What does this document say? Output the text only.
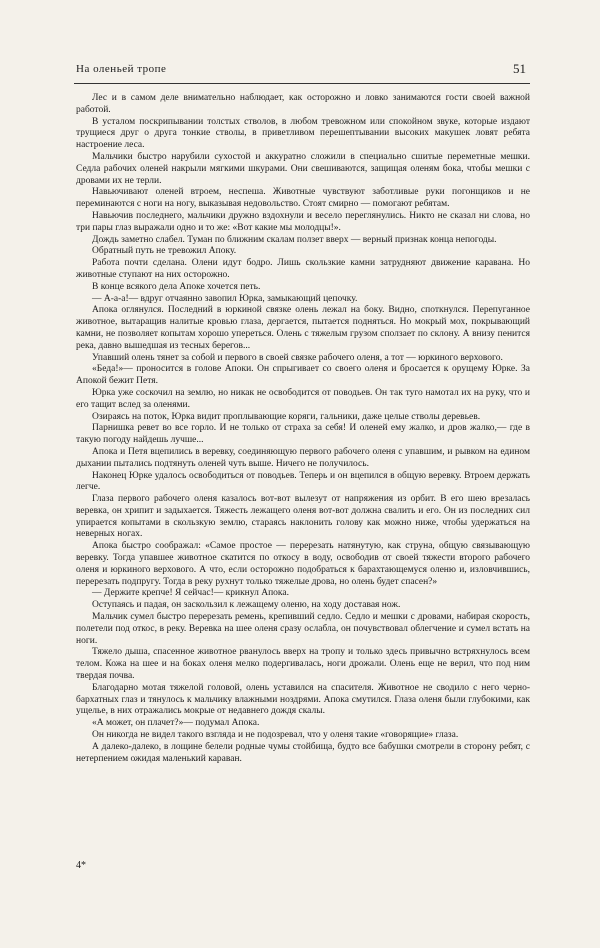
На оленьей тропе	51

Лес и в самом деле внимательно наблюдает, как осторожно и ловко занимаются гости своей важной работой.

В усталом поскрипывании толстых стволов, в любом тревожном или спокойном звуке, которые издают трущиеся друг о друга тонкие стволы, в приветливом перешептывании высоких макушек ловят ребята настроение леса.

Мальчики быстро нарубили сухостой и аккуратно сложили в специально сшитые переметные мешки. Седла рабочих оленей накрыли мягкими шкурами. Они свешиваются, защищая оленям бока, чтобы мешки с дровами их не терли.

Навьючивают оленей втроем, неспеша. Животные чувствуют заботливые руки погонщиков и не переминаются с ноги на ногу, выказывая недовольство. Стоят смирно — помогают ребятам.

Навьючив последнего, мальчики дружно вздохнули и весело переглянулись. Никто не сказал ни слова, но три пары глаз выражали одно и то же: «Вот какие мы молодцы!».

Дождь заметно слабел. Туман по ближним скалам ползет вверх — верный признак конца непогоды.

Обратный путь не тревожил Апоку.

Работа почти сделана. Олени идут бодро. Лишь скользкие камни затрудняют движение каравана. Но животные ступают на них осторожно.

В конце всякого дела Апоке хочется петь.

— А-а-а!— вдруг отчаянно завопил Юрка, замыкающий цепочку.

Апока оглянулся. Последний в юркиной связке олень лежал на боку. Видно, споткнулся. Перепуганное животное, вытаращив налитые кровью глаза, дергается, пытается подняться. Но мокрый мох, покрывающий камни, не позволяет копытам хорошо упереться. Олень с тяжелым грузом сползает по склону. А внизу пенится река, давно вышедшая из тесных берегов...

Упавший олень тянет за собой и первого в своей связке рабочего оленя, а тот — юркиного верхового.

«Беда!»— проносится в голове Апоки. Он спрыгивает со своего оленя и бросается к орущему Юрке. За Апокой бежит Петя.

Юрка уже соскочил на землю, но никак не освободится от поводьев. Он так туго намотал их на руку, что и его тащит вслед за оленями.

Озираясь на поток, Юрка видит проплывающие коряги, гальники, даже целые стволы деревьев.

Парнишка ревет во все горло. И не только от страха за себя! И оленей ему жалко, и дров жалко,— где в такую погоду найдешь лучше...

Апока и Петя вцепились в веревку, соединяющую первого рабочего оленя с упавшим, и рывком на едином дыхании пытались подтянуть оленей чуть выше. Ничего не получилось.

Наконец Юрке удалось освободиться от поводьев. Теперь и он вцепился в общую веревку. Втроем держать легче.

Глаза первого рабочего оленя казалось вот-вот вылезут от напряжения из орбит. В его шею врезалась веревка, он хрипит и задыхается. Тяжесть лежащего оленя вот-вот должна свалить и его. Он из последних сил упирается копытами в скользкую землю, стараясь наклонить голову как можно ниже, чтобы удержаться на неверных ногах.

Апока быстро соображал: «Самое простое — перерезать натянутую, как струна, общую связывающую веревку. Тогда упавшее животное скатится по откосу в воду, освободив от своей тяжести второго рабочего оленя и юркиного верхового. А что, если осторожно подобраться к барахтающемуся оленю и, изловчившись, перерезать подпругу. Тогда в реку рухнут только тяжелые дрова, но олень будет спасен?»

— Держите крепче! Я сейчас!— крикнул Апока.

Оступаясь и падая, он заскользил к лежащему оленю, на ходу доставая нож.

Мальчик сумел быстро перерезать ремень, крепивший седло. Седло и мешки с дровами, набирая скорость, полетели под откос, в реку. Веревка на шее оленя сразу ослабла, он почувствовал облегчение и сумел встать на ноги.

Тяжело дыша, спасенное животное рванулось вверх на тропу и только здесь привычно встряхнулось всем телом. Кожа на шее и на боках оленя мелко подергивалась, ноги дрожали. Олень еще не верил, что под ним твердая почва.

Благодарно мотая тяжелой головой, олень уставился на спасителя. Животное не сводило с него черно-бархатных глаз и тянулось к мальчику влажными ноздрями. Апока смутился. Глаза оленя были глубокими, как ущелье, в них отражались мокрые от недавнего дождя скалы.

«А может, он плачет?»— подумал Апока.

Он никогда не видел такого взгляда и не подозревал, что у оленя такие «говорящие» глаза.

А далеко-далеко, в лощине белели родные чумы стойбища, будто все бабушки смотрели в сторону ребят, с нетерпением ожидая маленький караван.

4*
